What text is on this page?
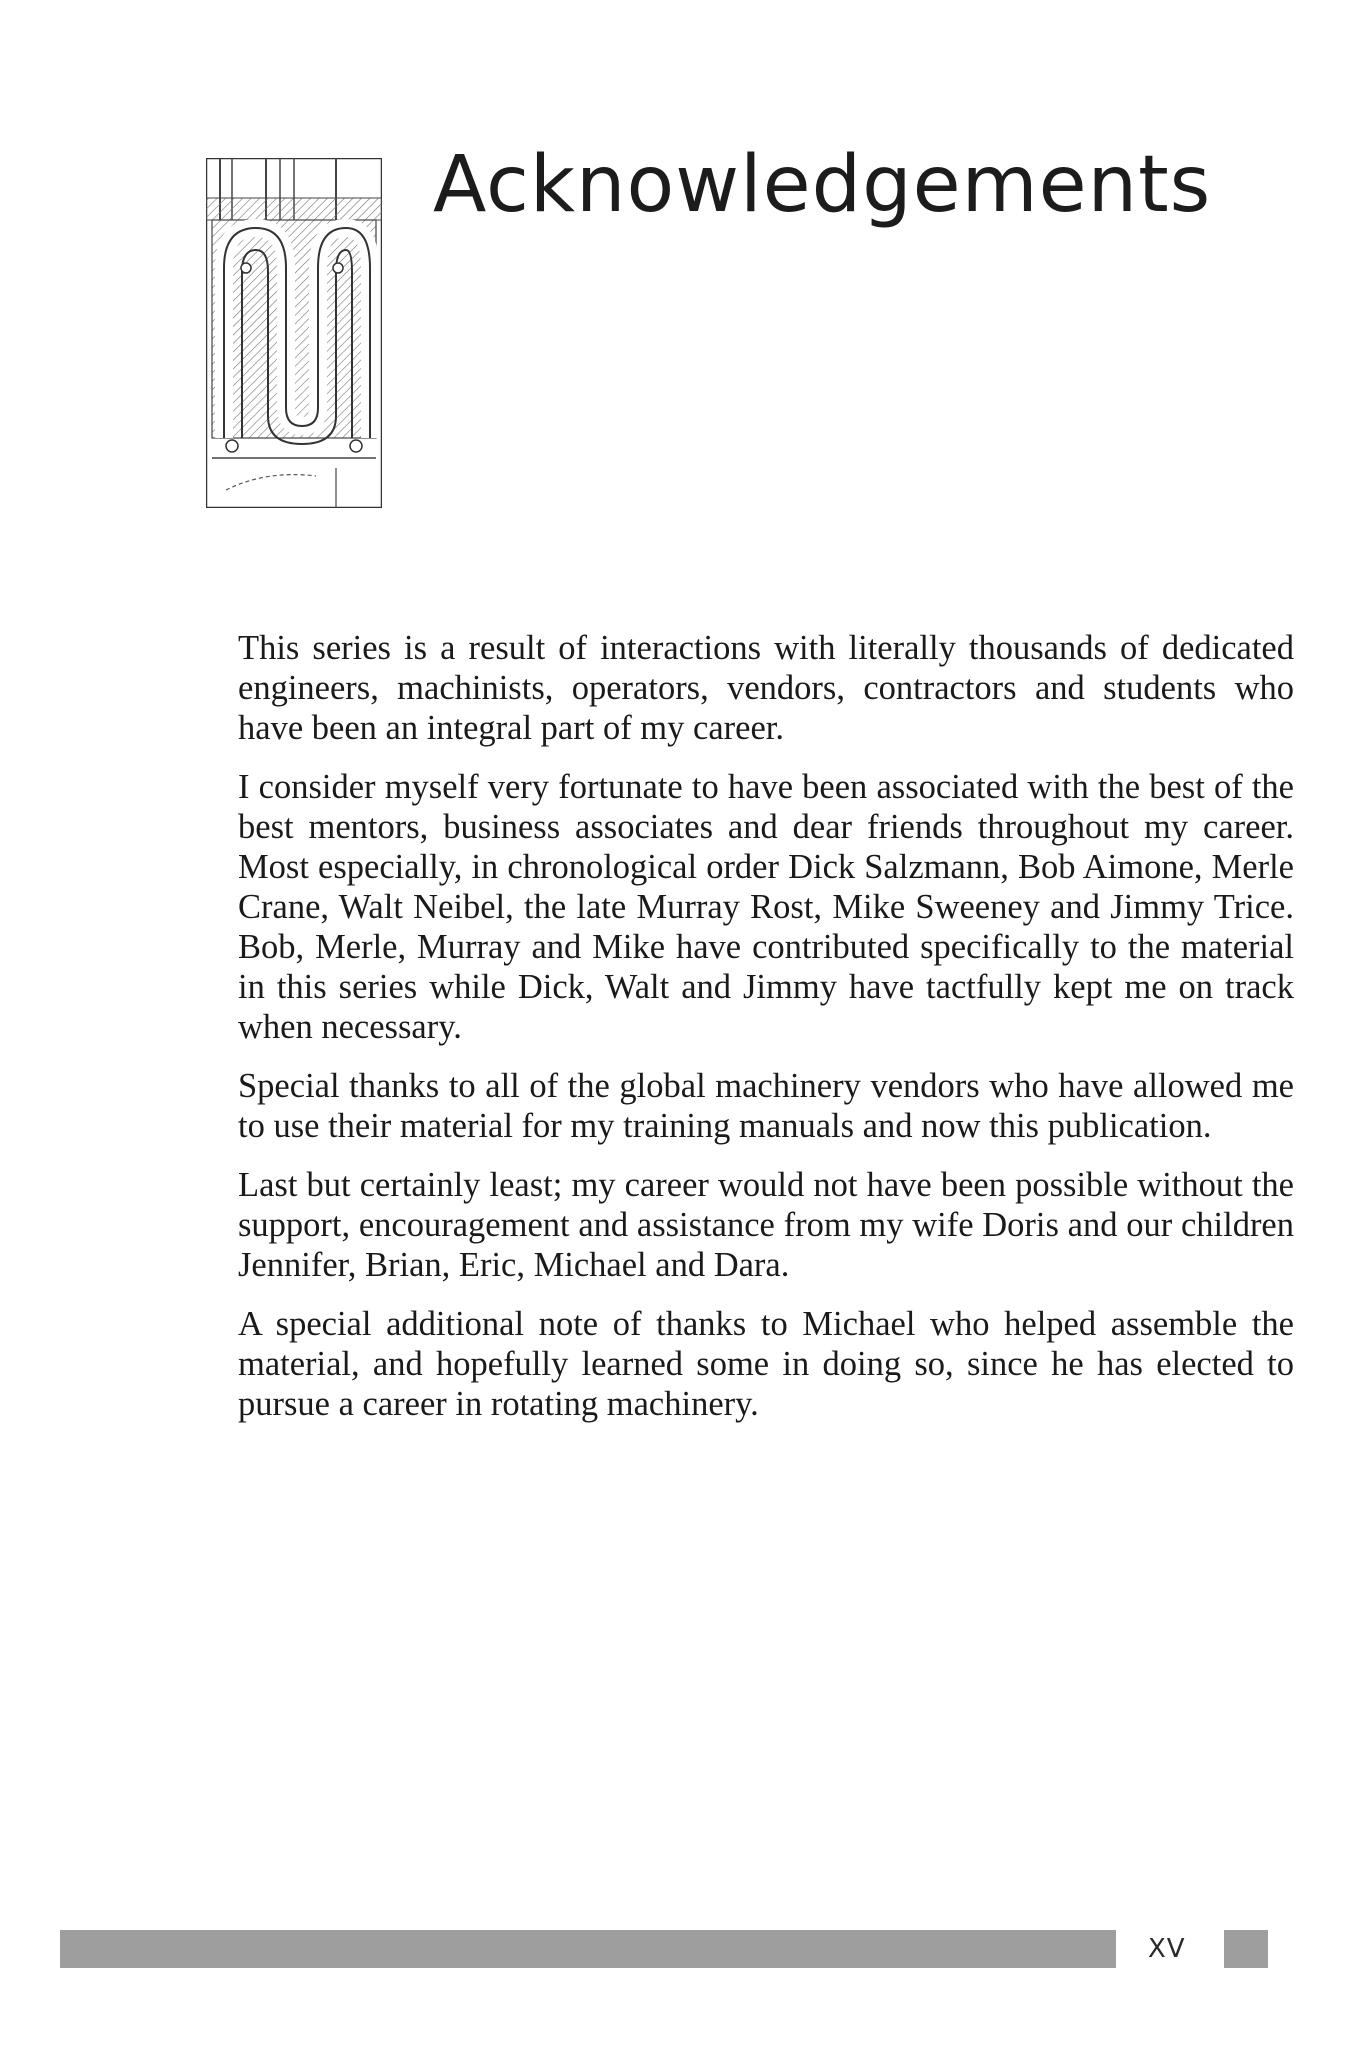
Acknowledgements

This series is a result of interactions with literally thousands of dedicated engineers, machinists, operators, vendors, contractors and students who have been an integral part of my career.

I consider myself very fortunate to have been associated with the best of the best mentors, business associates and dear friends throughout my career. Most especially, in chronological order Dick Salzmann, Bob Aimone, Merle Crane, Walt Neibel, the late Murray Rost, Mike Sweeney and Jimmy Trice. Bob, Merle, Murray and Mike have contributed specifically to the material in this series while Dick, Walt and Jimmy have tactfully kept me on track when necessary.

Special thanks to all of the global machinery vendors who have allowed me to use their material for my training manuals and now this publication.

Last but certainly least; my career would not have been possible without the support, encouragement and assistance from my wife Doris and our children Jennifer, Brian, Eric, Michael and Dara.

A special additional note of thanks to Michael who helped assemble the material, and hopefully learned some in doing so, since he has elected to pursue a career in rotating machinery.

XV
